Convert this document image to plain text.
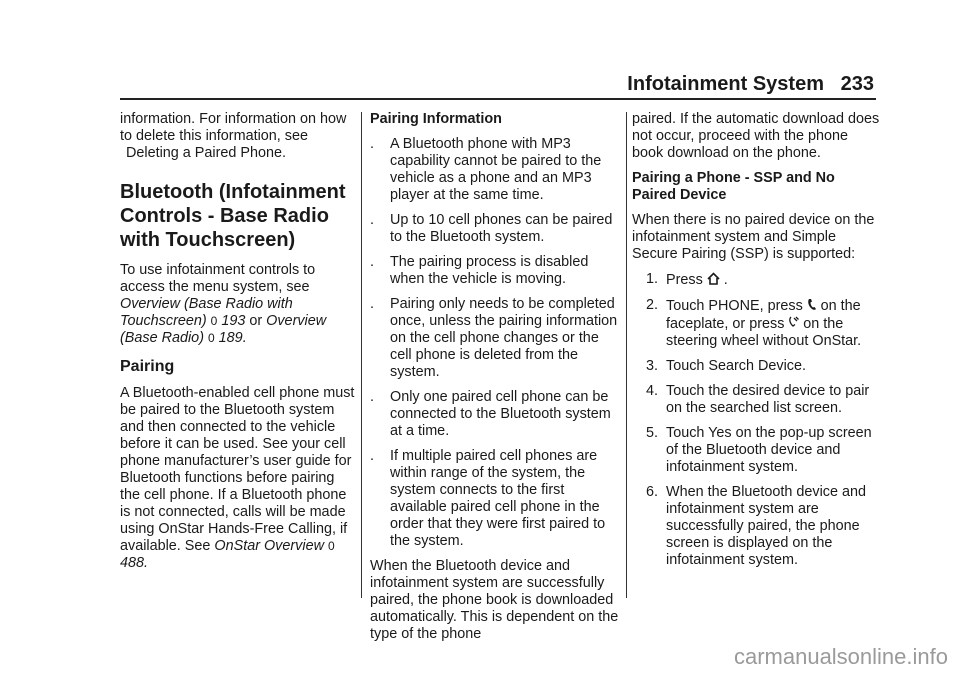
Infotainment System 233

information. For information on how to delete this information, see
Deleting a Paired Phone.

Bluetooth (Infotainment Controls - Base Radio with Touchscreen)

To use infotainment controls to access the menu system, see Overview (Base Radio with Touchscreen) 0 193 or Overview (Base Radio) 0 189.

Pairing

A Bluetooth-enabled cell phone must be paired to the Bluetooth system and then connected to the vehicle before it can be used. See your cell phone manufacturer’s user guide for Bluetooth functions before pairing the cell phone. If a Bluetooth phone is not connected, calls will be made using OnStar Hands-Free Calling, if available. See OnStar Overview 0 488.

Pairing Information

.	A Bluetooth phone with MP3 capability cannot be paired to the vehicle as a phone and an MP3 player at the same time.
.	Up to 10 cell phones can be paired to the Bluetooth system.
.	The pairing process is disabled when the vehicle is moving.
.	Pairing only needs to be completed once, unless the pairing information on the cell phone changes or the cell phone is deleted from the system.
.	Only one paired cell phone can be connected to the Bluetooth system at a time.
.	If multiple paired cell phones are within range of the system, the system connects to the first available paired cell phone in the order that they were first paired to the system.

When the Bluetooth device and infotainment system are successfully paired, the phone book is downloaded automatically. This is dependent on the type of the phone

paired. If the automatic download does not occur, proceed with the phone book download on the phone.

Pairing a Phone - SSP and No Paired Device

When there is no paired device on the infotainment system and Simple Secure Pairing (SSP) is supported:

1. Press .
2. Touch PHONE, press on the faceplate, or press on the steering wheel without OnStar.
3. Touch Search Device.
4. Touch the desired device to pair on the searched list screen.
5. Touch Yes on the pop-up screen of the Bluetooth device and infotainment system.
6. When the Bluetooth device and infotainment system are successfully paired, the phone screen is displayed on the infotainment system.
carmanualsonline.info
